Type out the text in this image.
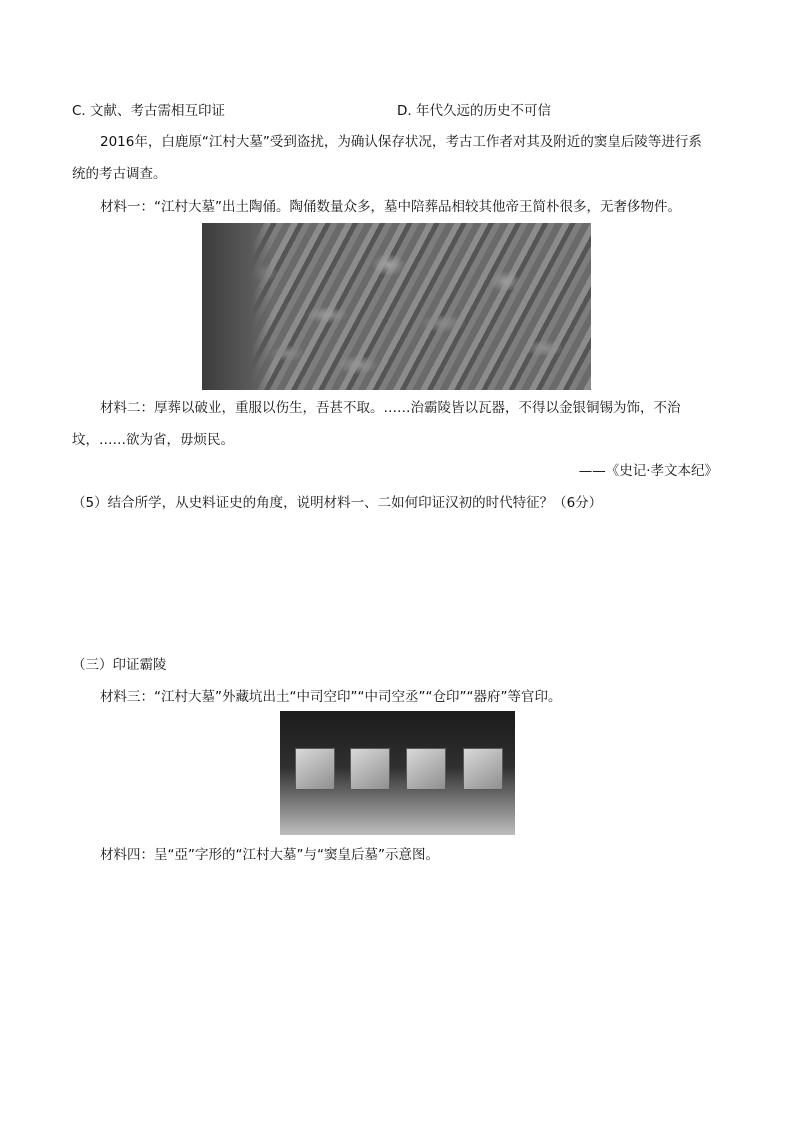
C. 文献、考古需相互印证	D. 年代久远的历史不可信
2016年，白鹿原“江村大墓”受到盗扰，为确认保存状况，考古工作者对其及附近的窦皇后陵等进行系
统的考古调查。
材料一：“江村大墓”出土陶俑。陶俑数量众多，墓中陪葬品相较其他帝王简朴很多，无奢侈物件。
材料二：厚葬以破业，重服以伤生，吾甚不取。……治霸陵皆以瓦器，不得以金银铜锡为饰，不治
坟，……欲为省，毋烦民。
——《史记·孝文本纪》
（5）结合所学，从史料证史的角度，说明材料一、二如何印证汉初的时代特征？（6分）
（三）印证霸陵
材料三：“江村大墓”外藏坑出土“中司空印”“中司空丞”“仓印”“器府”等官印。
材料四：呈“亞”字形的“江村大墓”与“窦皇后墓”示意图。
